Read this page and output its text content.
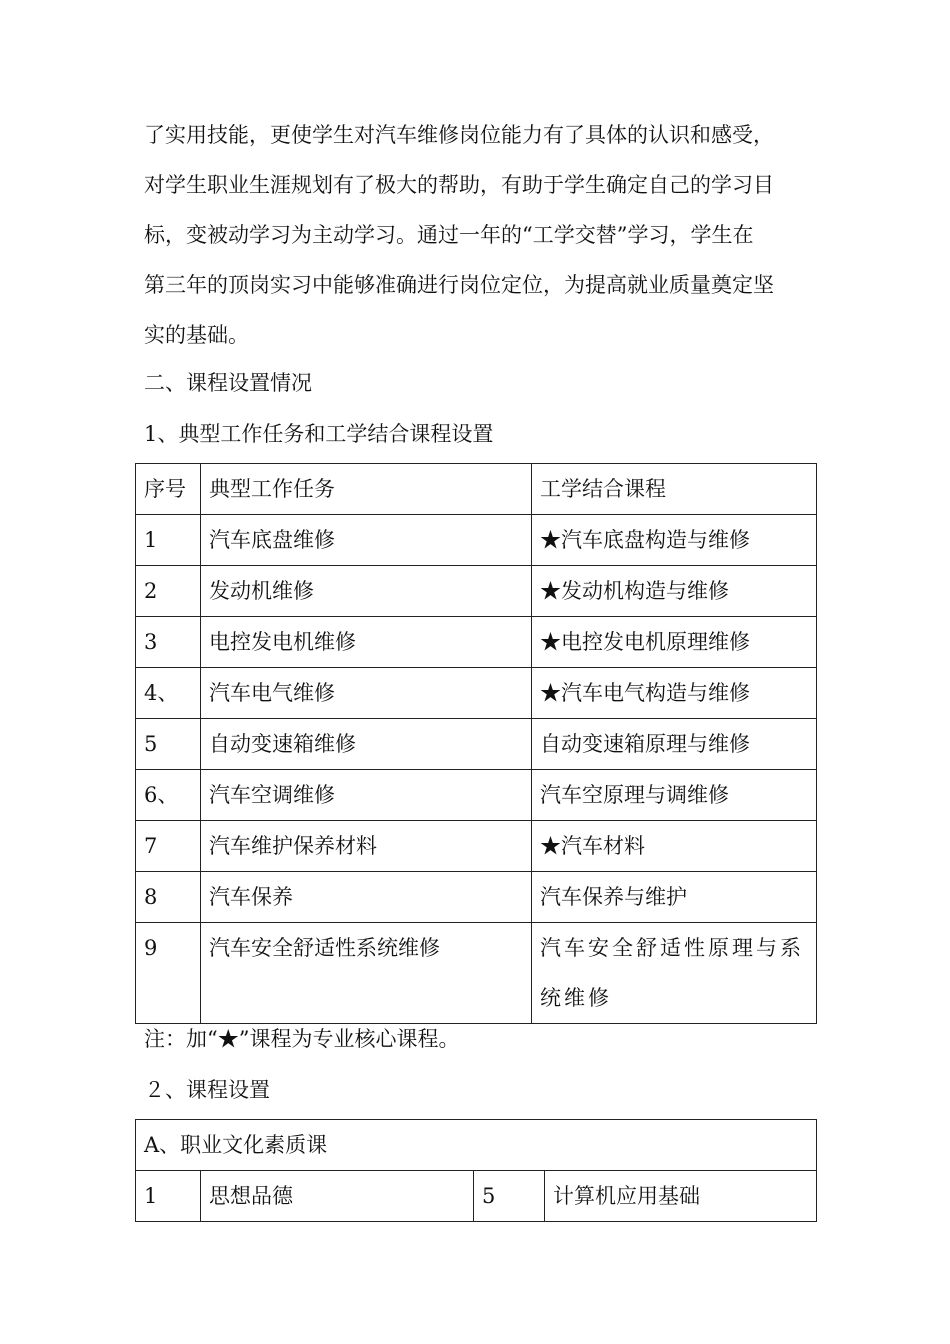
了实用技能，更使学生对汽车维修岗位能力有了具体的认识和感受，
对学生职业生涯规划有了极大的帮助，有助于学生确定自己的学习目
标，变被动学习为主动学习。通过一年的“工学交替”学习，学生在
第三年的顶岗实习中能够准确进行岗位定位，为提高就业质量奠定坚
实的基础。
二、课程设置情况
1、典型工作任务和工学结合课程设置
序号	典型工作任务	工学结合课程
1	汽车底盘维修	★汽车底盘构造与维修
2	发动机维修	★发动机构造与维修
3	电控发电机维修	★电控发电机原理维修
4、	汽车电气维修	★汽车电气构造与维修
5	自动变速箱维修	自动变速箱原理与维修
6、	汽车空调维修	汽车空原理与调维修
7	汽车维护保养材料	★汽车材料
8	汽车保养	汽车保养与维护
9	汽车安全舒适性系统维修	汽车安全舒适性原理与系统维修
注：加“★”课程为专业核心课程。
２、课程设置
A、职业文化素质课
1	思想品德	5	计算机应用基础
